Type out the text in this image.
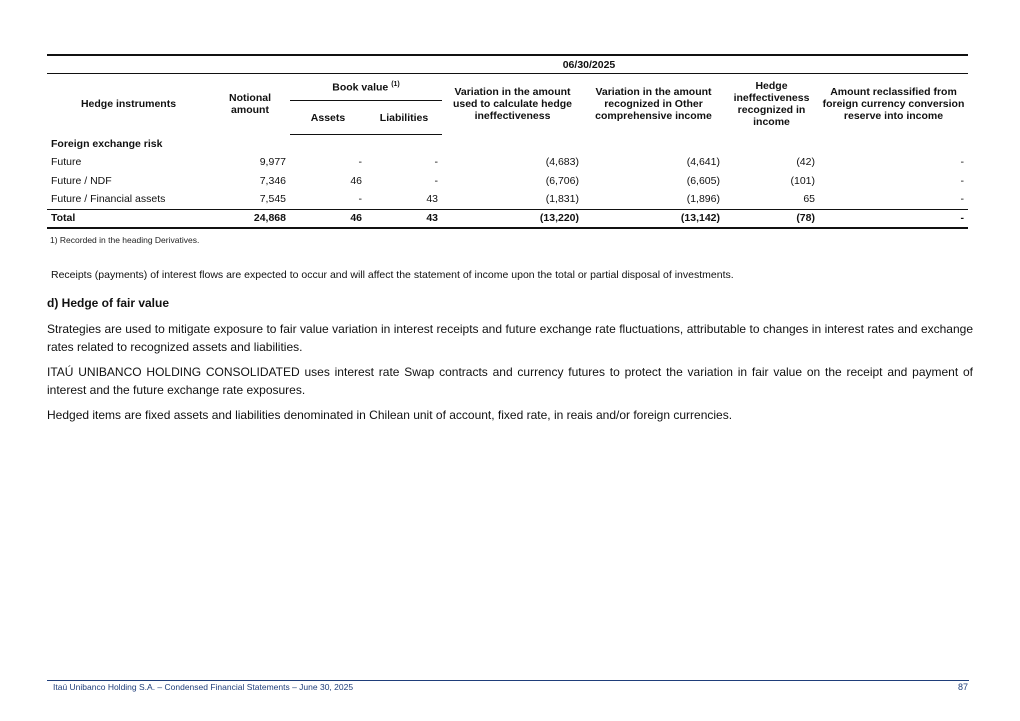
	06/30/2025						
Hedge instruments	Notional amount	Book value $^{(1)}$		Variation in the amount used to calculate hedge ineffectiveness	Variation in the amount recognized in Other comprehensive income	Hedge ineffectiveness recognized in income	Amount reclassified from foreign currency conversion reserve into income
		Assets	Liabilities				
Foreign exchange risk							
Future	9,977	-	-	(4,683)	(4,641)	(42)	-
Future / NDF	7,346	46	-	(6,706)	(6,605)	(101)	-
Future / Financial assets	7,545	-	43	(1,831)	(1,896)	65	-
Total	24,868	46	43	(13,220)	(13,142)	(78)	-
1) Recorded in the heading Derivatives.
Receipts (payments) of interest flows are expected to occur and will affect the statement of income upon the total or partial disposal of investments.
d) Hedge of fair value

Strategies are used to mitigate exposure to fair value variation in interest receipts and future exchange rate fluctuations, attributable to changes in interest rates and exchange rates related to recognized assets and liabilities.

ITAÚ UNIBANCO HOLDING CONSOLIDATED uses interest rate Swap contracts and currency futures to protect the variation in fair value on the receipt and payment of interest and the future exchange rate exposures.

Hedged items are fixed assets and liabilities denominated in Chilean unit of account, fixed rate, in reais and/or foreign currencies.

Itaú Unibanco Holding S.A. – Condensed Financial Statements – June 30, 2025	87
